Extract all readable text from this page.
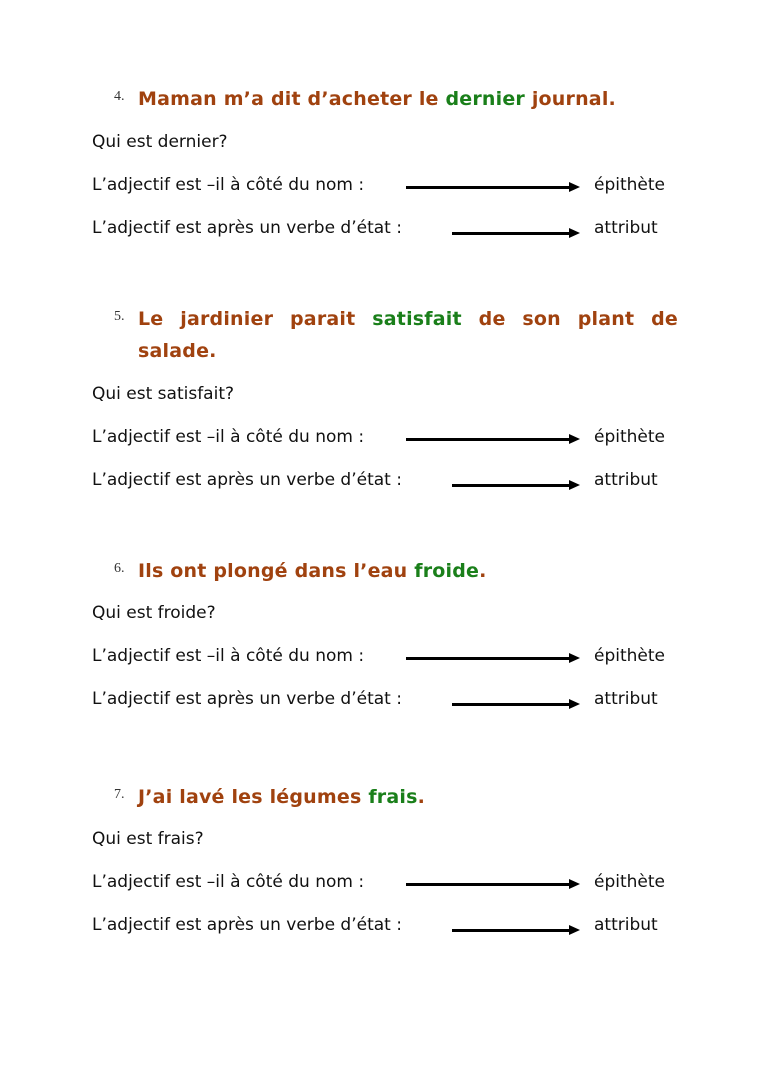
4. Maman m’a dit d’acheter le dernier journal.
Qui est dernier?
L’adjectif est –il à côté du nom :	épithète
L’adjectif est après un verbe d’état :	attribut
5. Le jardinier parait satisfait de son plant de salade.
Qui est satisfait?
L’adjectif est –il à côté du nom :	épithète
L’adjectif est après un verbe d’état :	attribut
6. Ils ont plongé dans l’eau froide.
Qui est froide?
L’adjectif est –il à côté du nom :	épithète
L’adjectif est après un verbe d’état :	attribut
7. J’ai lavé les légumes frais.
Qui est frais?
L’adjectif est –il à côté du nom :	épithète
L’adjectif est après un verbe d’état :	attribut
